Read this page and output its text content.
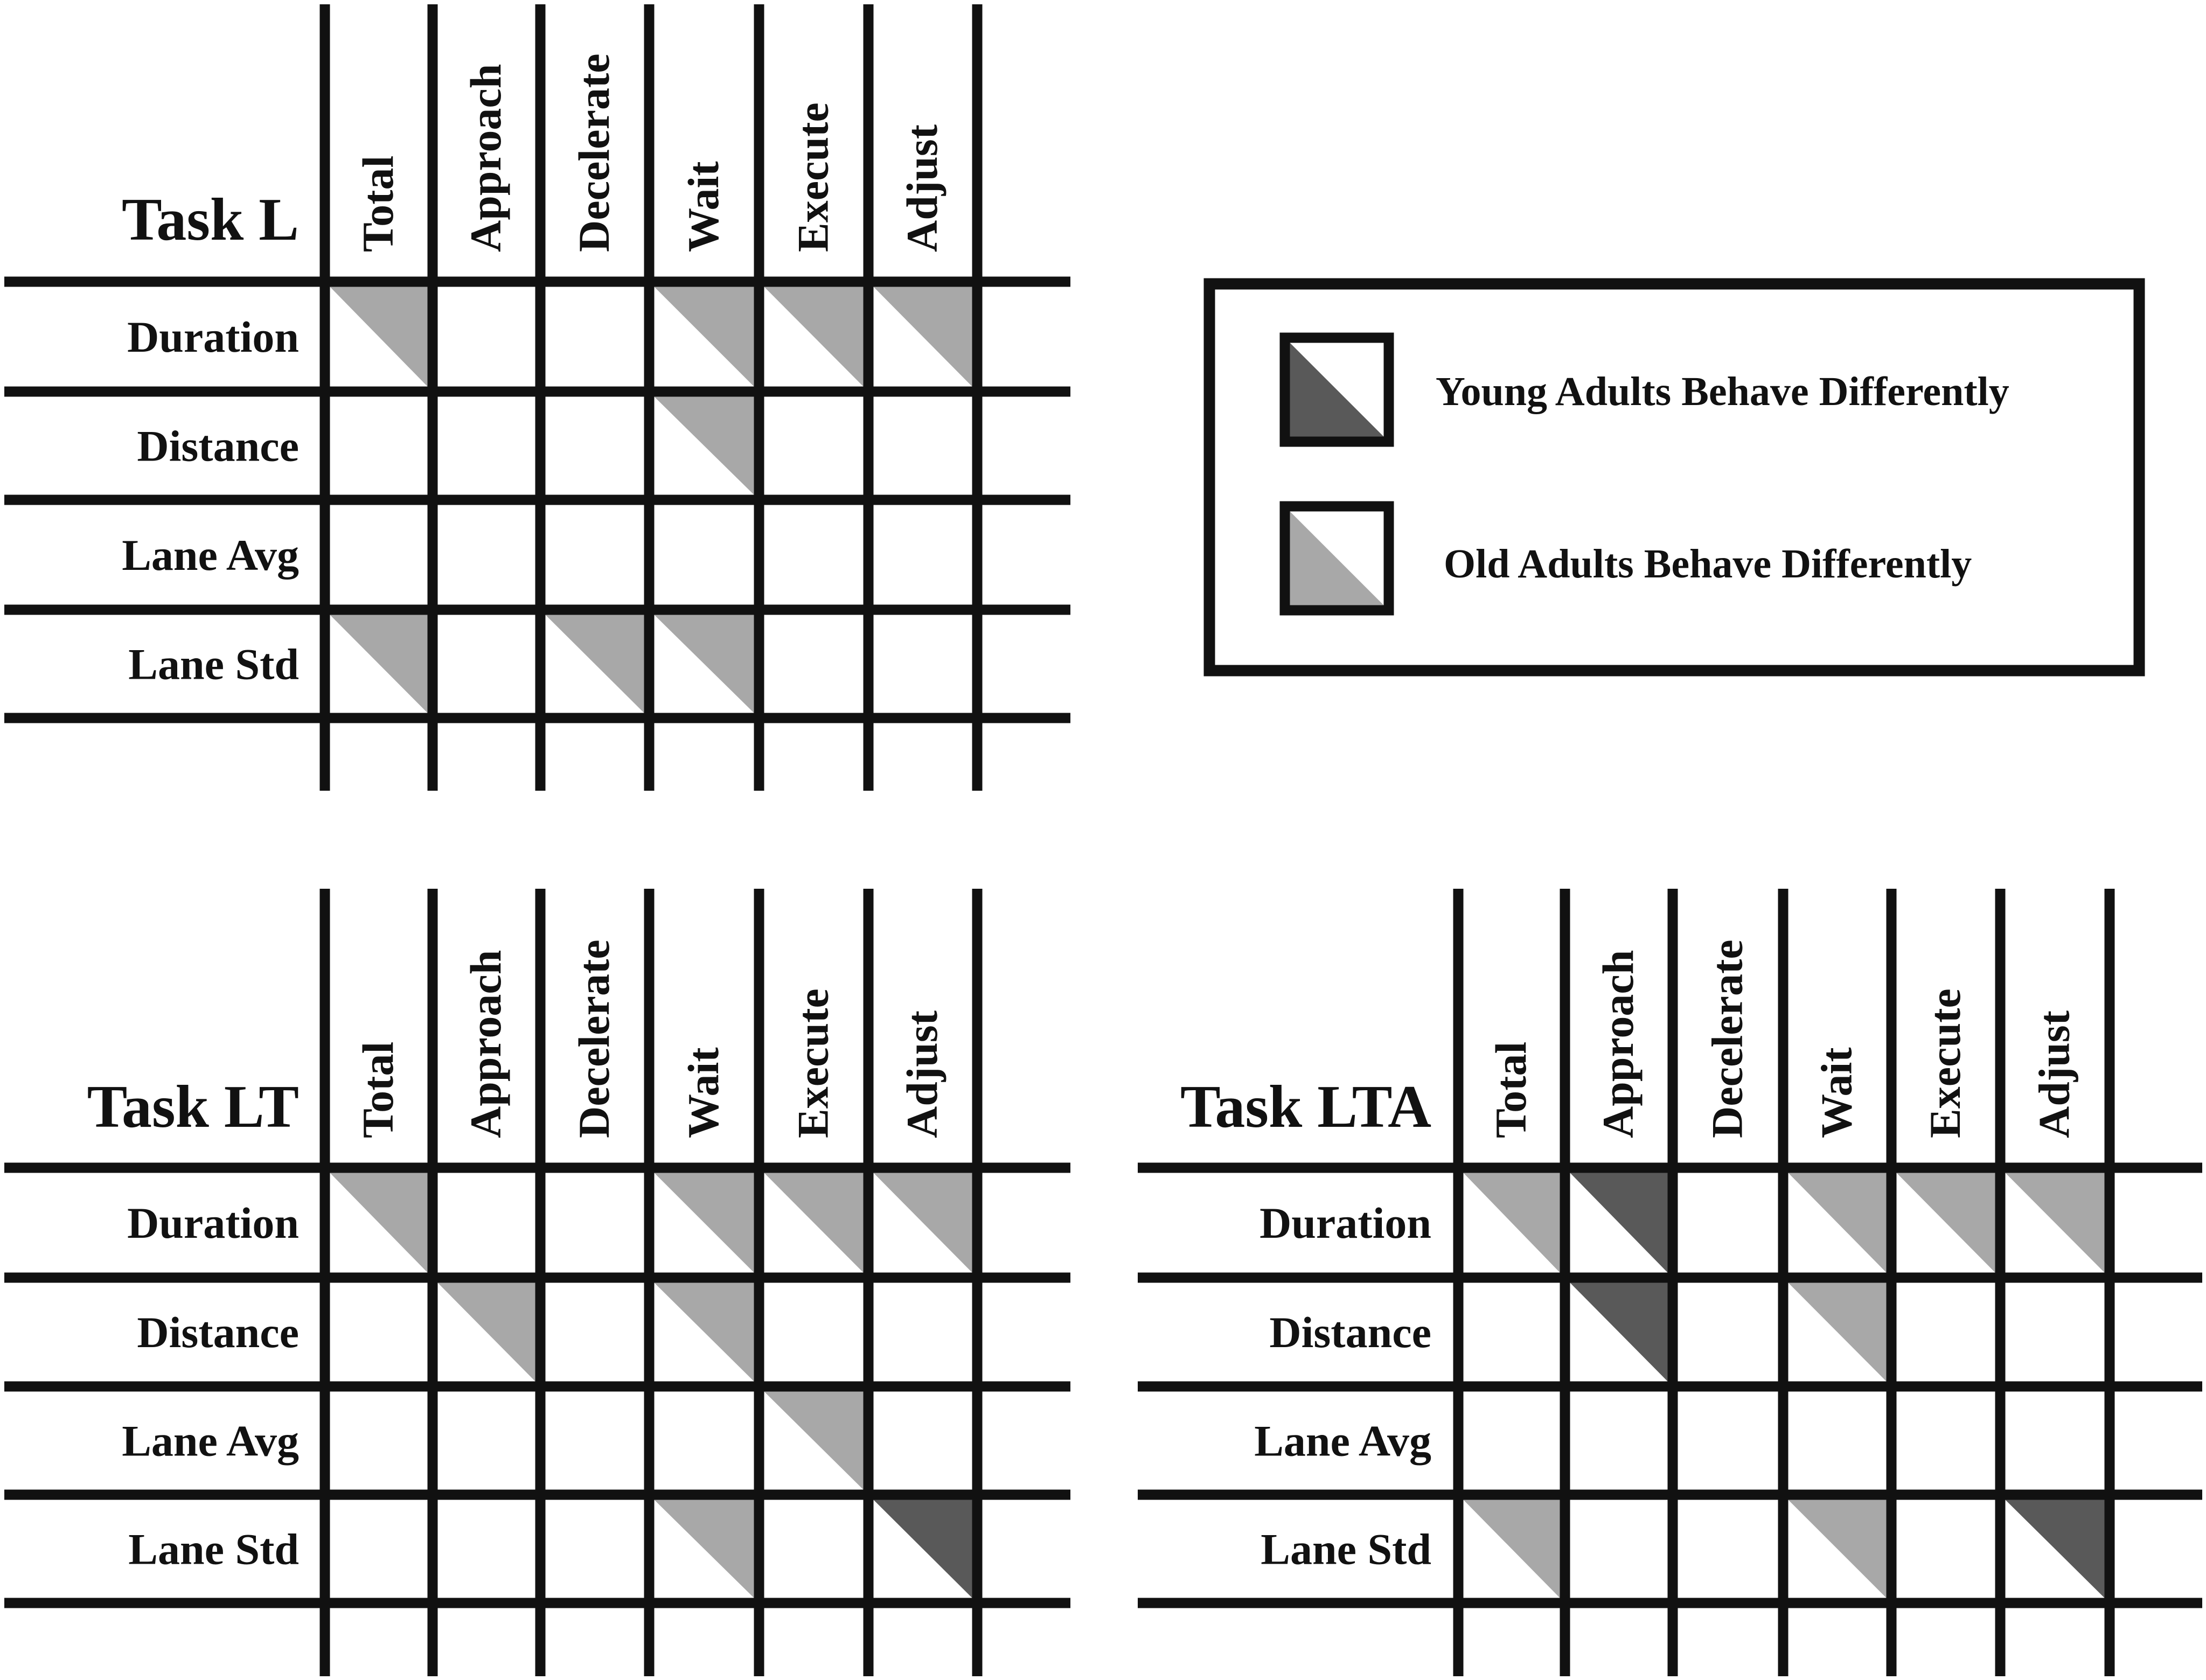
Task L
Duration
Distance
Lane Avg
Lane Std
Total Approach Decelerate Wait Execute Adjust
Task LT
Duration
Distance
Lane Avg
Lane Std
Total Approach Decelerate Wait Execute Adjust	Task LTA
Duration
Distance
Lane Avg
Lane Std
Total Approach Decelerate Wait Execute Adjust
Young Adults Behave Differently
Old Adults Behave Differently
